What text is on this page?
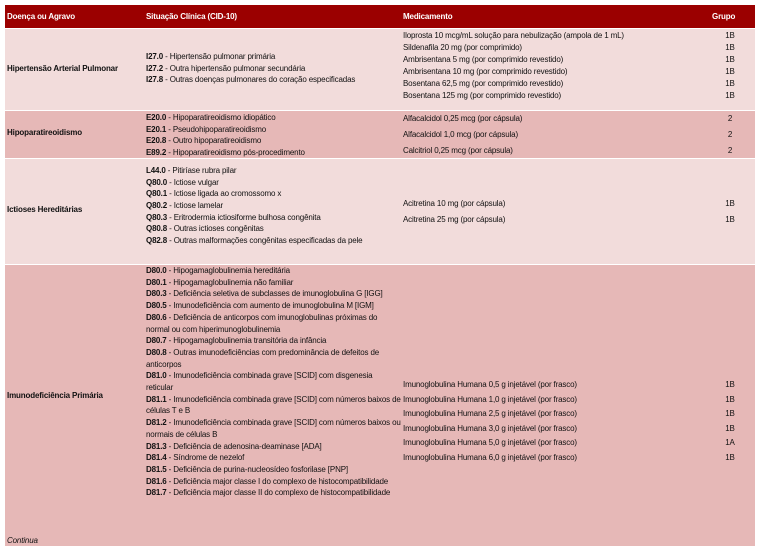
Doença ou Agravo	Situação Clínica (CID-10)	Medicamento	Grupo
Hipertensão Arterial Pulmonar
I27.0 - Hipertensão pulmonar primária
I27.2 - Outra hipertensão pulmonar secundária
I27.8 - Outras doenças pulmonares do coração especificadas
Iloprosta 10 mcg/mL solução para nebulização (ampola de 1 mL)	1B
Sildenafila 20 mg (por comprimido)	1B
Ambrisentana 5 mg (por comprimido revestido)	1B
Ambrisentana 10 mg (por comprimido revestido)	1B
Bosentana 62,5 mg (por comprimido revestido)	1B
Bosentana 125 mg (por comprimido revestido)	1B
Hipoparatireoidismo
E20.0 - Hipoparatireoidismo idiopático
E20.1 - Pseudohipoparatireoidismo
E20.8 - Outro hipoparatireoidismo
E89.2 - Hipoparatireoidismo pós-procedimento
Alfacalcidol 0,25 mcg (por cápsula)	2
Alfacalcidol 1,0 mcg (por cápsula)	2
Calcitriol 0,25 mcg (por cápsula)	2
Ictioses Hereditárias
L44.0 - Pitiríase rubra pilar
Q80.0 - Ictiose vulgar
Q80.1 - Ictiose ligada ao cromossomo x
Q80.2 - Ictiose lamelar
Q80.3 - Eritrodermia ictiosiforme bulhosa congênita
Q80.8 - Outras ictioses congênitas
Q82.8 - Outras malformações congênitas especificadas da pele
Acitretina 10 mg (por cápsula)	1B
Acitretina 25 mg (por cápsula)	1B
Imunodeficiência Primária
D80.0 - Hipogamaglobulinemia hereditária
D80.1 - Hipogamaglobulinemia não familiar
D80.3 - Deficiência seletiva de subclasses de imunoglobulina G [IGG]
D80.5 - Imunodeficiência com aumento de imunoglobulina M [IGM]
D80.6 - Deficiência de anticorpos com imunoglobulinas próximas do normal ou com hiperimunoglobulinemia
D80.7 - Hipogamaglobulinemia transitória da infância
D80.8 - Outras imunodeficiências com predominância de defeitos de anticorpos
D81.0 - Imunodeficiência combinada grave [SCID] com disgenesia reticular
D81.1 - Imunodeficiência combinada grave [SCID] com números baixos de células T e B
D81.2 - Imunodeficiência combinada grave [SCID] com números baixos ou normais de células B
D81.3 - Deficiência de adenosina-deaminase [ADA]
D81.4 - Síndrome de nezelof
D81.5 - Deficiência de purina-nucleosídeo fosforilase [PNP]
D81.6 - Deficiência major classe I do complexo de histocompatibilidade
D81.7 - Deficiência major classe II do complexo de histocompatibilidade
Imunoglobulina Humana 0,5 g injetável (por frasco)	1B
Imunoglobulina Humana 1,0 g injetável (por frasco)	1B
Imunoglobulina Humana 2,5 g injetável (por frasco)	1B
Imunoglobulina Humana 3,0 g injetável (por frasco)	1B
Imunoglobulina Humana 5,0 g injetável (por frasco)	1A
Imunoglobulina Humana 6,0 g injetável (por frasco)	1B
Continua
